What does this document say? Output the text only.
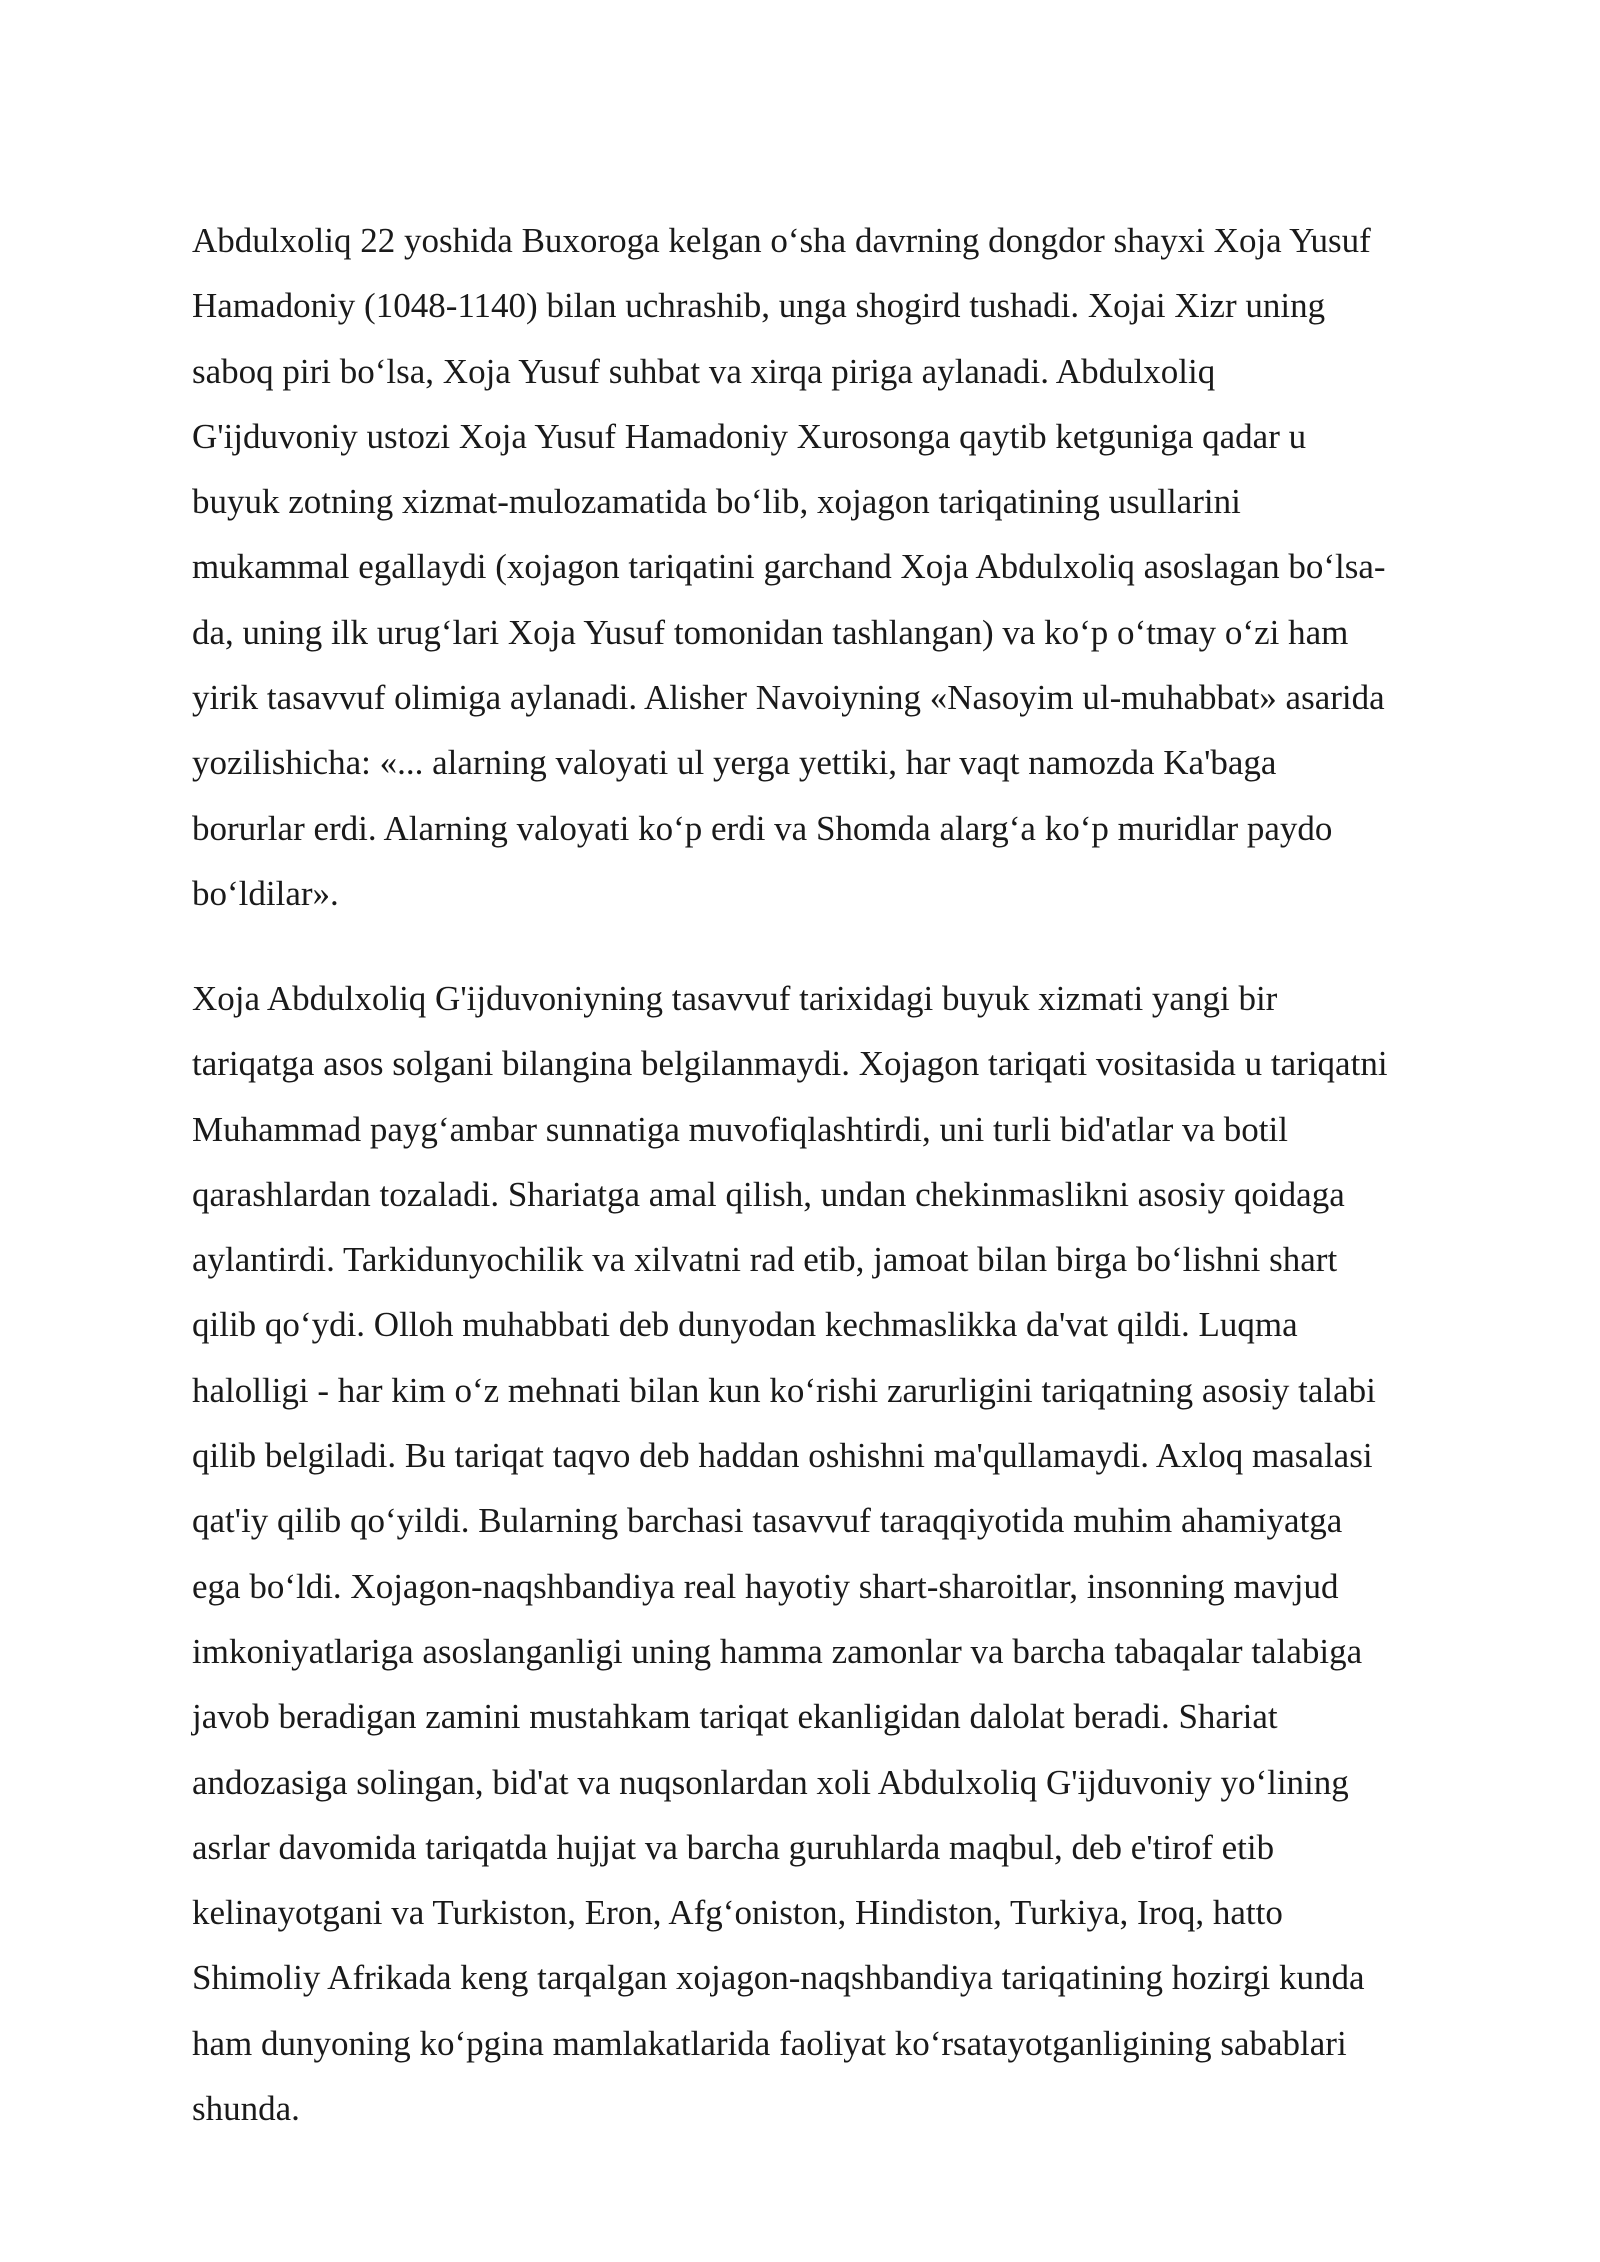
Abdulxoliq 22 yoshida Buxoroga kelgan o‘sha davrning dongdor shayxi Xoja Yusuf
Hamadoniy (1048-1140) bilan uchrashib, unga shogird tushadi. Xojai Xizr uning
saboq piri bo‘lsa, Xoja Yusuf suhbat va xirqa piriga aylanadi. Abdulxoliq
G'ijduvoniy ustozi Xoja Yusuf Hamadoniy Xurosonga qaytib ketguniga qadar u
buyuk zotning xizmat-mulozamatida bo‘lib, xojagon tariqatining usullarini
mukammal egallaydi (xojagon tariqatini garchand Xoja Abdulxoliq asoslagan bo‘lsa-
da, uning ilk urug‘lari Xoja Yusuf tomonidan tashlangan) va ko‘p o‘tmay o‘zi ham
yirik tasavvuf olimiga aylanadi. Alisher Navoiyning «Nasoyim ul-muhabbat» asarida
yozilishicha: «... alarning valoyati ul yerga yettiki, har vaqt namozda Ka'baga
borurlar erdi. Alarning valoyati ko‘p erdi va Shomda alarg‘a ko‘p muridlar paydo
bo‘ldilar».
Xoja Abdulxoliq G'ijduvoniyning tasavvuf tarixidagi buyuk xizmati yangi bir
tariqatga asos solgani bilangina belgilanmaydi. Xojagon tariqati vositasida u tariqatni
Muhammad payg‘ambar sunnatiga muvofiqlashtirdi, uni turli bid'atlar va botil
qarashlardan tozaladi. Shariatga amal qilish, undan chekinmaslikni asosiy qoidaga
aylantirdi. Tarkidunyochilik va xilvatni rad etib, jamoat bilan birga bo‘lishni shart
qilib qo‘ydi. Olloh muhabbati deb dunyodan kechmaslikka da'vat qildi. Luqma
halolligi - har kim o‘z mehnati bilan kun ko‘rishi zarurligini tariqatning asosiy talabi
qilib belgiladi. Bu tariqat taqvo deb haddan oshishni ma'qullamaydi. Axloq masalasi
qat'iy qilib qo‘yildi. Bularning barchasi tasavvuf taraqqiyotida muhim ahamiyatga
ega bo‘ldi. Xojagon-naqshbandiya real hayotiy shart-sharoitlar, insonning mavjud
imkoniyatlariga asoslanganligi uning hamma zamonlar va barcha tabaqalar talabiga
javob beradigan zamini mustahkam tariqat ekanligidan dalolat beradi. Shariat
andozasiga solingan, bid'at va nuqsonlardan xoli Abdulxoliq G'ijduvoniy yo‘lining
asrlar davomida tariqatda hujjat va barcha guruhlarda maqbul, deb e'tirof etib
kelinayotgani va Turkiston, Eron, Afg‘oniston, Hindiston, Turkiya, Iroq, hatto
Shimoliy Afrikada keng tarqalgan xojagon-naqshbandiya tariqatining hozirgi kunda
ham dunyoning ko‘pgina mamlakatlarida faoliyat ko‘rsatayotganligining sabablari
shunda.
